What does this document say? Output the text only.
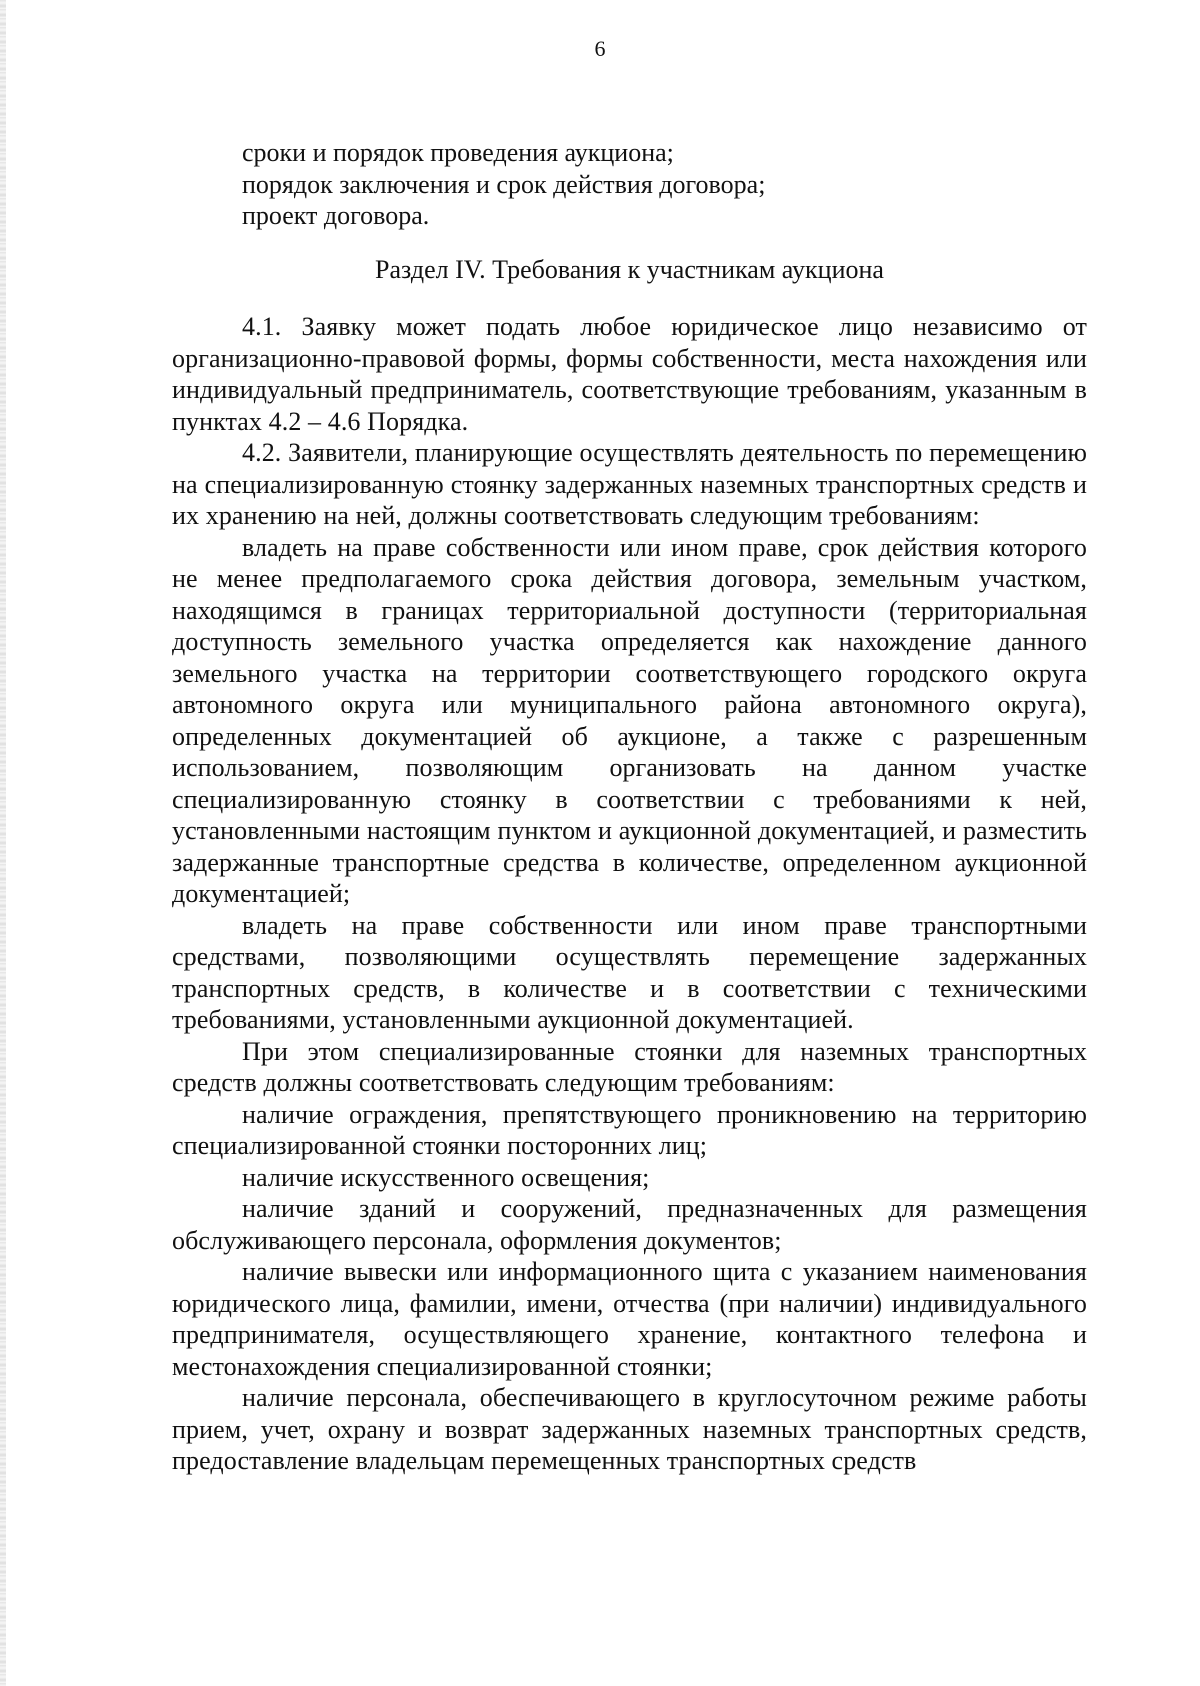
6

сроки и порядок проведения аукциона;

порядок заключения и срок действия договора;

проект договора.

Раздел IV. Требования к участникам аукциона

4.1. Заявку может подать любое юридическое лицо независимо от организационно-правовой формы, формы собственности, места нахождения или индивидуальный предприниматель, соответствующие требованиям, указанным в пунктах 4.2 – 4.6 Порядка.

4.2. Заявители, планирующие осуществлять деятельность по перемещению на специализированную стоянку задержанных наземных транспортных средств и их хранению на ней, должны соответствовать следующим требованиям:

владеть на праве собственности или ином праве, срок действия которого не менее предполагаемого срока действия договора, земельным участком, находящимся в границах территориальной доступности (территориальная доступность земельного участка определяется как нахождение данного земельного участка на территории соответствующего городского округа автономного округа или муниципального района автономного округа), определенных документацией об аукционе, а также с разрешенным использованием, позволяющим организовать на данном участке специализированную стоянку в соответствии с требованиями к ней, установленными настоящим пунктом и аукционной документацией, и разместить задержанные транспортные средства в количестве, определенном аукционной документацией;

владеть на праве собственности или ином праве транспортными средствами, позволяющими осуществлять перемещение задержанных транспортных средств, в количестве и в соответствии с техническими требованиями, установленными аукционной документацией.

При этом специализированные стоянки для наземных транспортных средств должны соответствовать следующим требованиям:

наличие ограждения, препятствующего проникновению на территорию специализированной стоянки посторонних лиц;

наличие искусственного освещения;

наличие зданий и сооружений, предназначенных для размещения обслуживающего персонала, оформления документов;

наличие вывески или информационного щита с указанием наименования юридического лица, фамилии, имени, отчества (при наличии) индивидуального предпринимателя, осуществляющего хранение, контактного телефона и местонахождения специализированной стоянки;

наличие персонала, обеспечивающего в круглосуточном режиме работы прием, учет, охрану и возврат задержанных наземных транспортных средств, предоставление владельцам перемещенных транспортных средств
